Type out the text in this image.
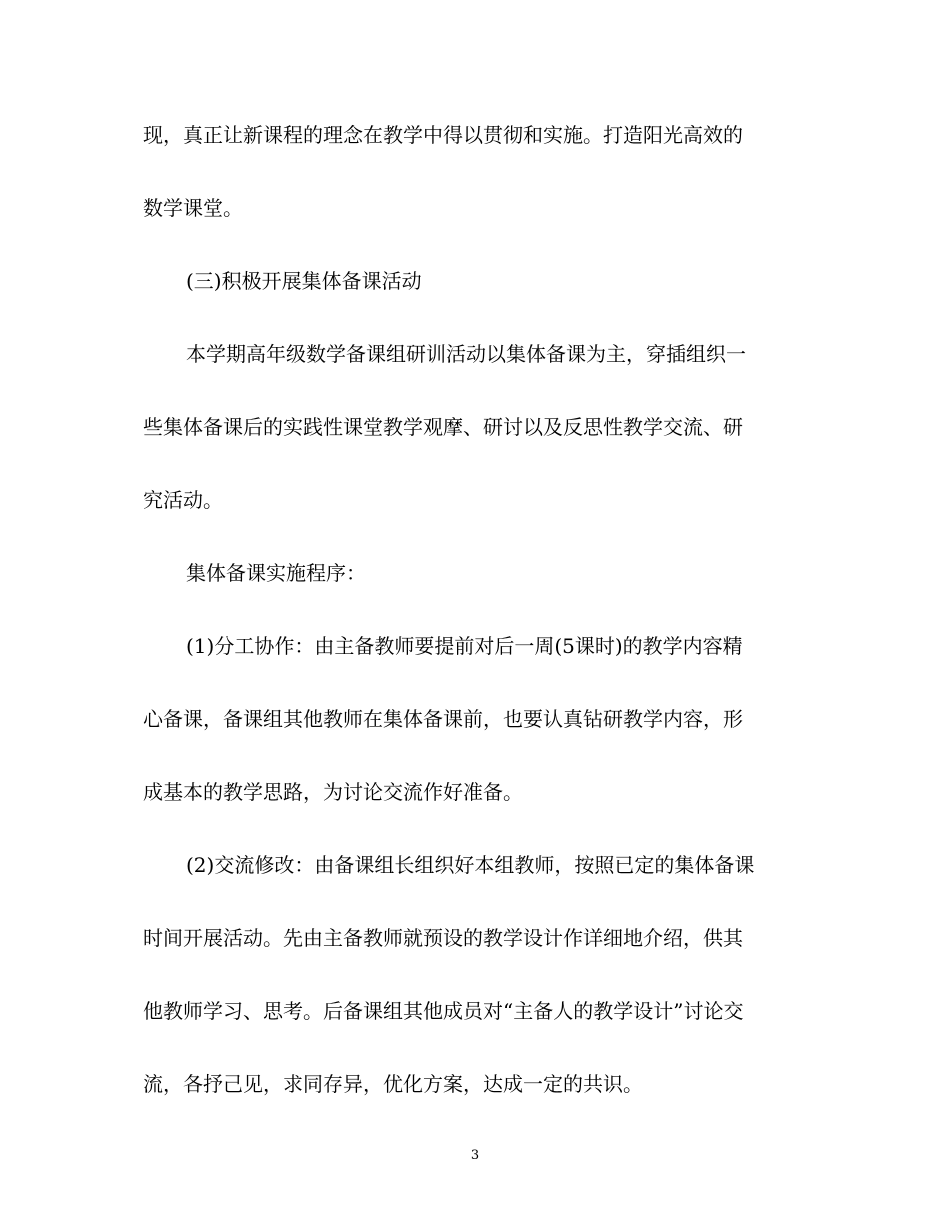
现，真正让新课程的理念在教学中得以贯彻和实施。打造阳光高效的
数学课堂。
(三)积极开展集体备课活动
本学期高年级数学备课组研训活动以集体备课为主，穿插组织一
些集体备课后的实践性课堂教学观摩、研讨以及反思性教学交流、研
究活动。
集体备课实施程序：
(1)分工协作：由主备教师要提前对后一周(5课时)的教学内容精
心备课，备课组其他教师在集体备课前，也要认真钻研教学内容，形
成基本的教学思路，为讨论交流作好准备。
(2)交流修改：由备课组长组织好本组教师，按照已定的集体备课
时间开展活动。先由主备教师就预设的教学设计作详细地介绍，供其
他教师学习、思考。后备课组其他成员对“主备人的教学设计”讨论交
流，各抒己见，求同存异，优化方案，达成一定的共识。
3
